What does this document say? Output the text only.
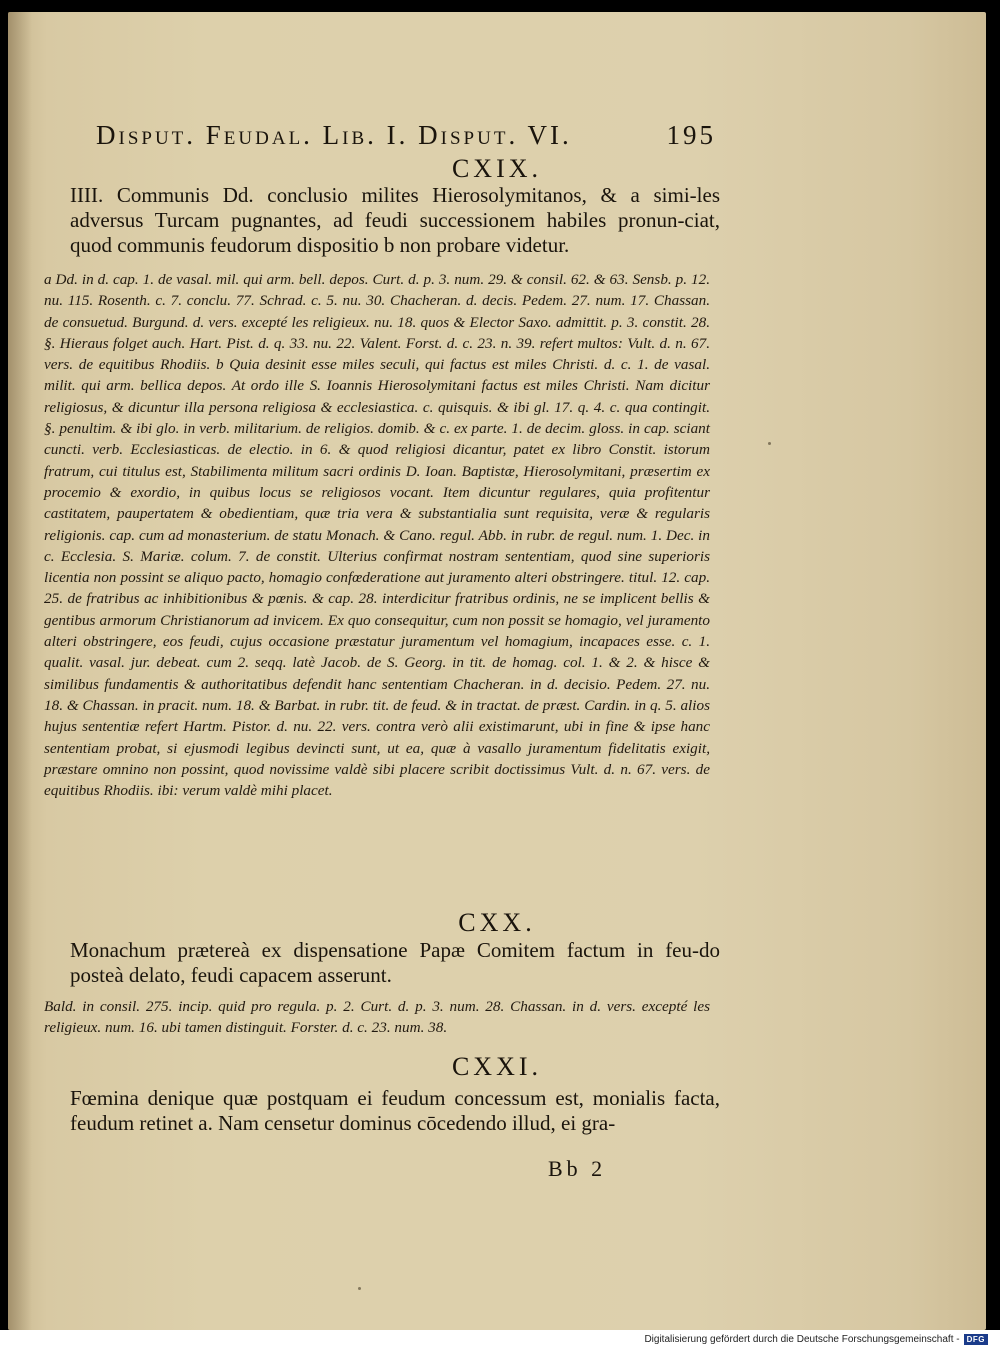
Disput. Feudal. Lib. I. Disput. VI.	195
CXIX.

IIII. Communis Dd. conclusio milites Hierosolymitanos, & a simi-les adversus Turcam pugnantes, ad feudi successionem habiles pronun-ciat, quod communis feudorum dispositio b non probare videtur.

a Dd. in d. cap. 1. de vasal. mil. qui arm. bell. depos. Curt. d. p. 3. num. 29. & consil. 62. & 63. Sensb. p. 12. nu. 115. Rosenth. c. 7. conclu. 77. Schrad. c. 5. nu. 30. Chacheran. d. decis. Pedem. 27. num. 17. Chassan. de consuetud. Burgund. d. vers. excepté les religieux. nu. 18. quos & Elector Saxo. admittit. p. 3. constit. 28. §. Hieraus folget auch. Hart. Pist. d. q. 33. nu. 22. Valent. Forst. d. c. 23. n. 39. refert multos: Vult. d. n. 67. vers. de equitibus Rhodiis. b Quia desinit esse miles seculi, qui factus est miles Christi. d. c. 1. de vasal. milit. qui arm. bellica depos. At ordo ille S. Ioannis Hierosolymitani factus est miles Christi. Nam dicitur religiosus, & dicuntur illa persona religiosa & ecclesiastica. c. quisquis. & ibi gl. 17. q. 4. c. qua contingit. §. penultim. & ibi glo. in verb. militarium. de religios. domib. & c. ex parte. 1. de decim. gloss. in cap. sciant cuncti. verb. Ecclesiasticas. de electio. in 6. & quod religiosi dicantur, patet ex libro Constit. istorum fratrum, cui titulus est, Stabilimenta militum sacri ordinis D. Ioan. Baptistæ, Hierosolymitani, præsertim ex procemio & exordio, in quibus locus se religiosos vocant. Item dicuntur regulares, quia profitentur castitatem, paupertatem & obedientiam, quæ tria vera & substantialia sunt requisita, veræ & regularis religionis. cap. cum ad monasterium. de statu Monach. & Cano. regul. Abb. in rubr. de regul. num. 1. Dec. in c. Ecclesia. S. Mariæ. colum. 7. de constit. Ulterius confirmat nostram sententiam, quod sine superioris licentia non possint se aliquo pacto, homagio confœderatione aut juramento alteri obstringere. titul. 12. cap. 25. de fratribus ac inhibitionibus & pœnis. & cap. 28. interdicitur fratribus ordinis, ne se implicent bellis & gentibus armorum Christianorum ad invicem. Ex quo consequitur, cum non possit se homagio, vel juramento alteri obstringere, eos feudi, cujus occasione præstatur juramentum vel homagium, incapaces esse. c. 1. qualit. vasal. jur. debeat. cum 2. seqq. latè Jacob. de S. Georg. in tit. de homag. col. 1. & 2. & hisce & similibus fundamentis & authoritatibus defendit hanc sententiam Chacheran. in d. decisio. Pedem. 27. nu. 18. & Chassan. in pracit. num. 18. & Barbat. in rubr. tit. de feud. & in tractat. de præst. Cardin. in q. 5. alios hujus sententiæ refert Hartm. Pistor. d. nu. 22. vers. contra verò alii existimarunt, ubi in fine & ipse hanc sententiam probat, si ejusmodi legibus devincti sunt, ut ea, quæ à vasallo juramentum fidelitatis exigit, præstare omnino non possint, quod novissime valdè sibi placere scribit doctissimus Vult. d. n. 67. vers. de equitibus Rhodiis. ibi: verum valdè mihi placet.

CXX.

Monachum prætereà ex dispensatione Papæ Comitem factum in feu-do posteà delato, feudi capacem asserunt.

Bald. in consil. 275. incip. quid pro regula. p. 2. Curt. d. p. 3. num. 28. Chassan. in d. vers. excepté les religieux. num. 16. ubi tamen distinguit. Forster. d. c. 23. num. 38.

CXXI.

Fœmina denique quæ postquam ei feudum concessum est, monialis facta, feudum retinet a. Nam censetur dominus cōcedendo illud, ei gra-

Bb 2
Digitalisierung gefördert durch die Deutsche Forschungsgemeinschaft - DFG
